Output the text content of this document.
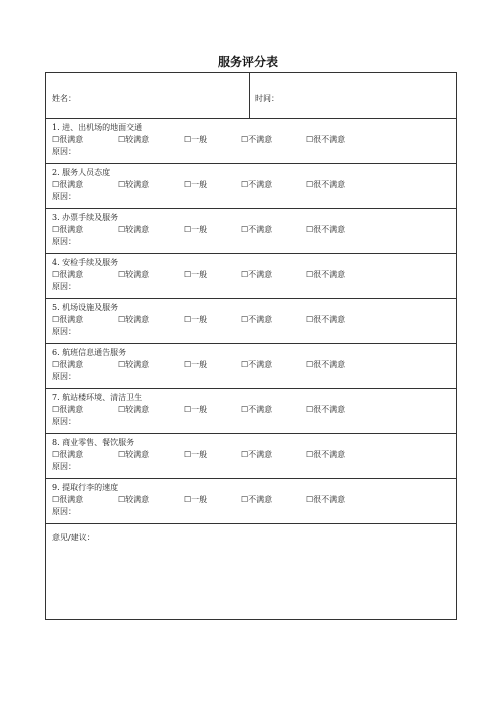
服务评分表
姓名：	时间：
1. 进、出机场的地面交通
☐很满意	☐较满意	☐一般	☐不满意	☐很不满意
原因：
2. 服务人员态度
☐很满意	☐较满意	☐一般	☐不满意	☐很不满意
原因：
3. 办票手续及服务
☐很满意	☐较满意	☐一般	☐不满意	☐很不满意
原因：
4. 安检手续及服务
☐很满意	☐较满意	☐一般	☐不满意	☐很不满意
原因：
5. 机场设施及服务
☐很满意	☐较满意	☐一般	☐不满意	☐很不满意
原因：
6. 航班信息通告服务
☐很满意	☐较满意	☐一般	☐不满意	☐很不满意
原因：
7. 航站楼环境、清洁卫生
☐很满意	☐较满意	☐一般	☐不满意	☐很不满意
原因：
8. 商业零售、餐饮服务
☐很满意	☐较满意	☐一般	☐不满意	☐很不满意
原因：
9. 提取行李的速度
☐很满意	☐较满意	☐一般	☐不满意	☐很不满意
原因：
意见/建议：
